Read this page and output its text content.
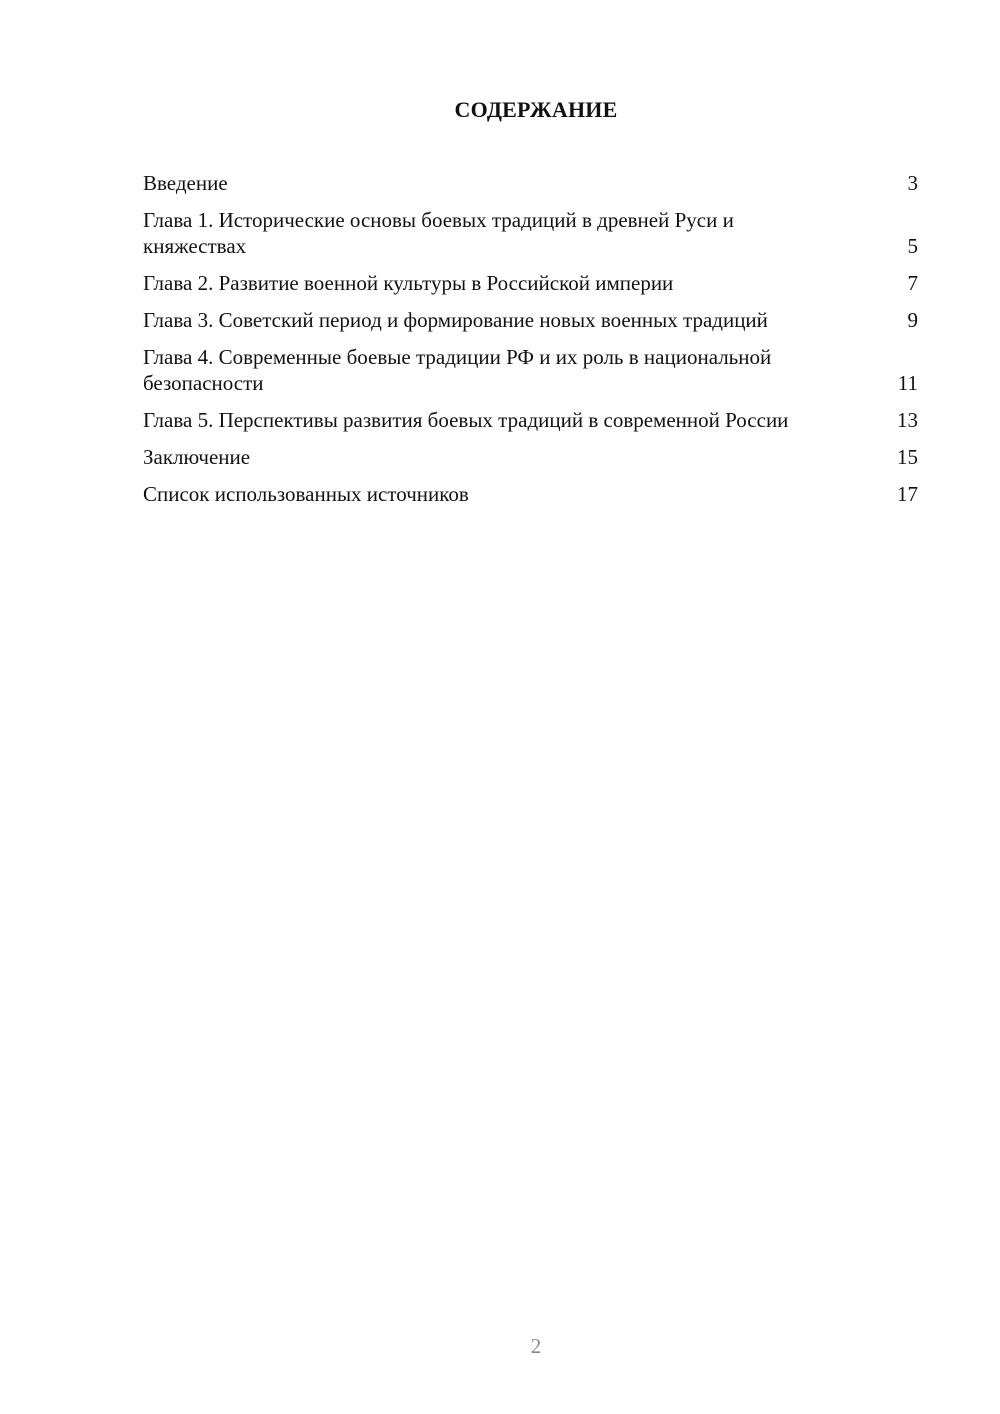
СОДЕРЖАНИЕ
Введение	3
Глава 1. Исторические основы боевых традиций в древней Руси и княжествах	5
Глава 2. Развитие военной культуры в Российской империи	7
Глава 3. Советский период и формирование новых военных традиций	9
Глава 4. Современные боевые традиции РФ и их роль в национальной безопасности	11
Глава 5. Перспективы развития боевых традиций в современной России	13
Заключение	15
Список использованных источников	17
2
